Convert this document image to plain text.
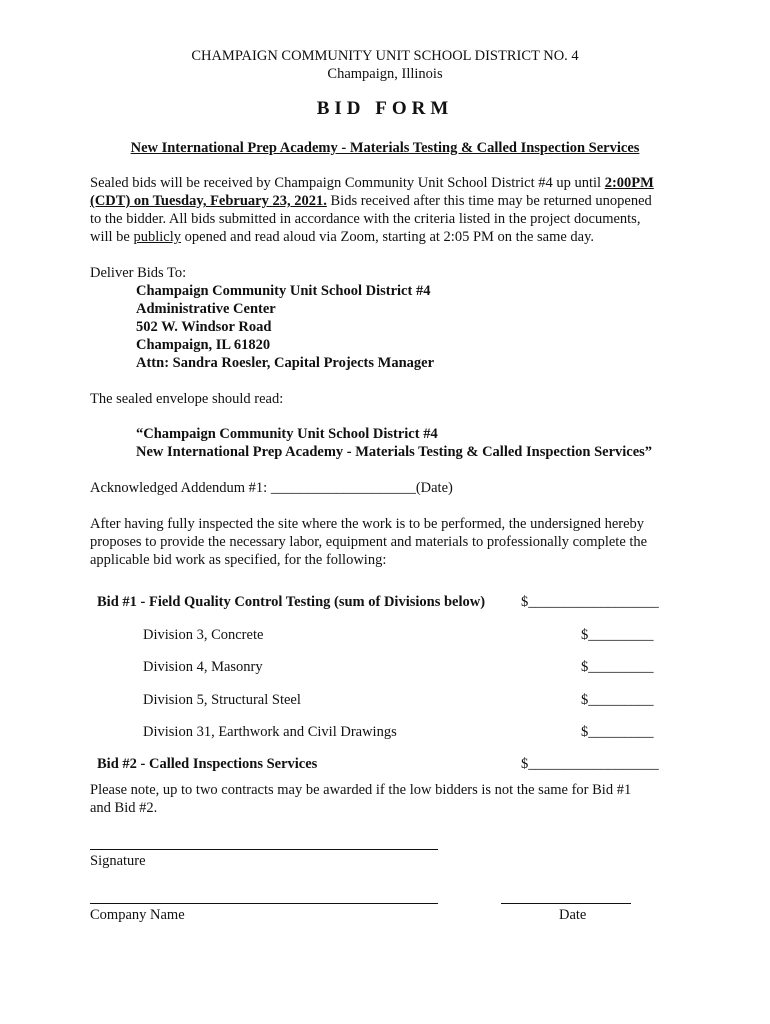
CHAMPAIGN COMMUNITY UNIT SCHOOL DISTRICT NO. 4
Champaign, Illinois
BID FORM
New International Prep Academy - Materials Testing & Called Inspection Services
Sealed bids will be received by Champaign Community Unit School District #4 up until 2:00PM
(CDT) on Tuesday, February 23, 2021. Bids received after this time may be returned unopened
to the bidder. All bids submitted in accordance with the criteria listed in the project documents,
will be publicly opened and read aloud via Zoom, starting at 2:05 PM on the same day.
Deliver Bids To:
Champaign Community Unit School District #4
Administrative Center
502 W. Windsor Road
Champaign, IL 61820
Attn: Sandra Roesler, Capital Projects Manager
The sealed envelope should read:
“Champaign Community Unit School District #4
New International Prep Academy - Materials Testing & Called Inspection Services”
Acknowledged Addendum #1: ____________________(Date)
After having fully inspected the site where the work is to be performed, the undersigned hereby
proposes to provide the necessary labor, equipment and materials to professionally complete the
applicable bid work as specified, for the following:
Bid #1 - Field Quality Control Testing (sum of Divisions below) $__________________
Division 3, Concrete	$_________
Division 4, Masonry	$_________
Division 5, Structural Steel	$_________
Division 31, Earthwork and Civil Drawings	$_________
Bid #2 - Called Inspections Services	$__________________
Please note, up to two contracts may be awarded if the low bidders is not the same for Bid #1
and Bid #2.
Signature
Company Name	Date
